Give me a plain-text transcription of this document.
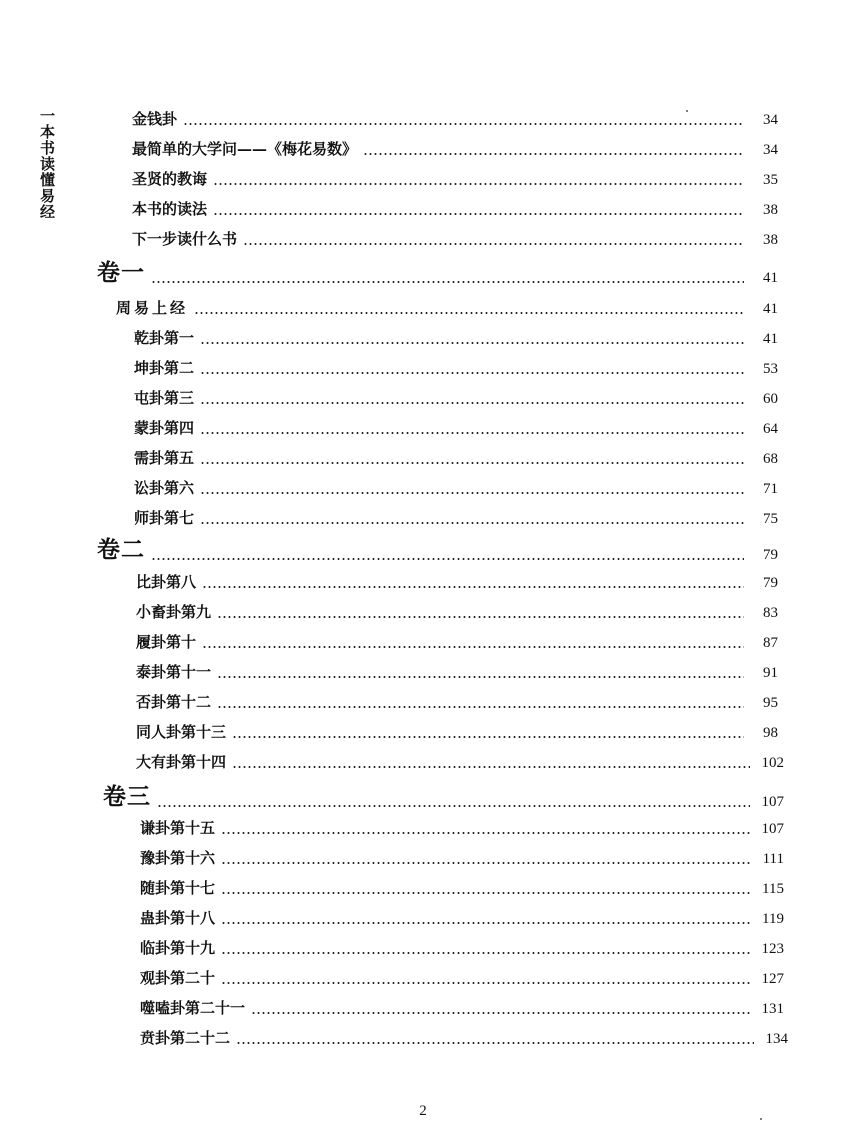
一本书读懂易经	金钱卦	34
最简单的大学问——《梅花易数》	34
圣贤的教诲	35
本书的读法	38
下一步读什么书	38
卷一	41
周易上经	41
乾卦第一	41
坤卦第二	53
屯卦第三	60
蒙卦第四	64
需卦第五	68
讼卦第六	71
师卦第七	75
卷二	79
比卦第八	79
小畜卦第九	83
履卦第十	87
泰卦第十一	91
否卦第十二	95
同人卦第十三	98
大有卦第十四	102
卷三	107
谦卦第十五	107
豫卦第十六	111
随卦第十七	115
蛊卦第十八	119
临卦第十九	123
观卦第二十	127
噬嗑卦第二十一	131
贲卦第二十二	134
2
